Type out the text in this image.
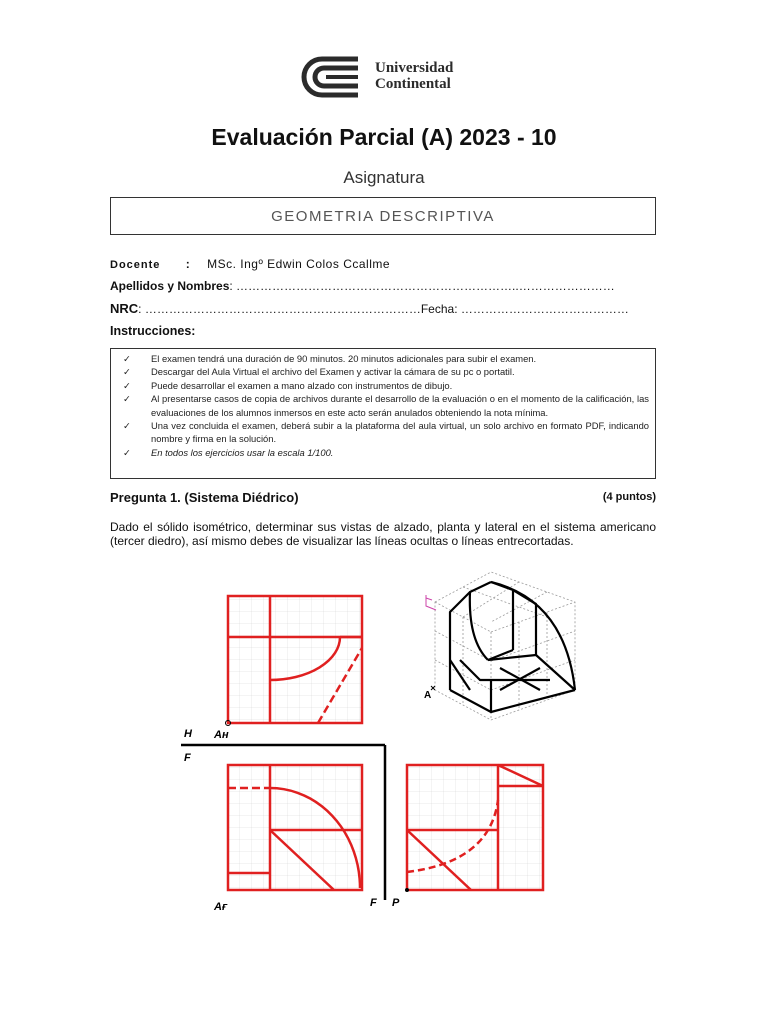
Universidad
Continental
Evaluación Parcial (A) 2023 - 10
Asignatura
GEOMETRIA DESCRIPTIVA
Docente : MSc. Ingº Edwin Colos Ccallme
Apellidos y Nombres: ……………………………………………………………..……………………
NRC: ……………………………………………………………Fecha: ……………………………………
Instrucciones:
✓ El examen tendrá una duración de 90 minutos. 20 minutos adicionales para subir el examen.
✓ Descargar del Aula Virtual el archivo del Examen y activar la cámara de su pc o portatil.
✓ Puede desarrollar el examen a mano alzado con instrumentos de dibujo.
✓ Al presentarse casos de copia de archivos durante el desarrollo de la evaluación o en el momento de la calificación, las evaluaciones de los alumnos inmersos en este acto serán anulados obteniendo la nota mínima.
✓ Una vez concluida el examen, deberá subir a la plataforma del aula virtual, un solo archivo en formato PDF, indicando nombre y firma en la solución.
✓ En todos los ejercicios usar la escala 1/100.
Pregunta 1. (Sistema Diédrico)	(4 puntos)
Dado el sólido isométrico, determinar sus vistas de alzado, planta y lateral en el sistema americano (tercer diedro), así mismo debes de visualizar las líneas ocultas o líneas entrecortadas.
H
F
Aʜ
Aғ	F P
A
